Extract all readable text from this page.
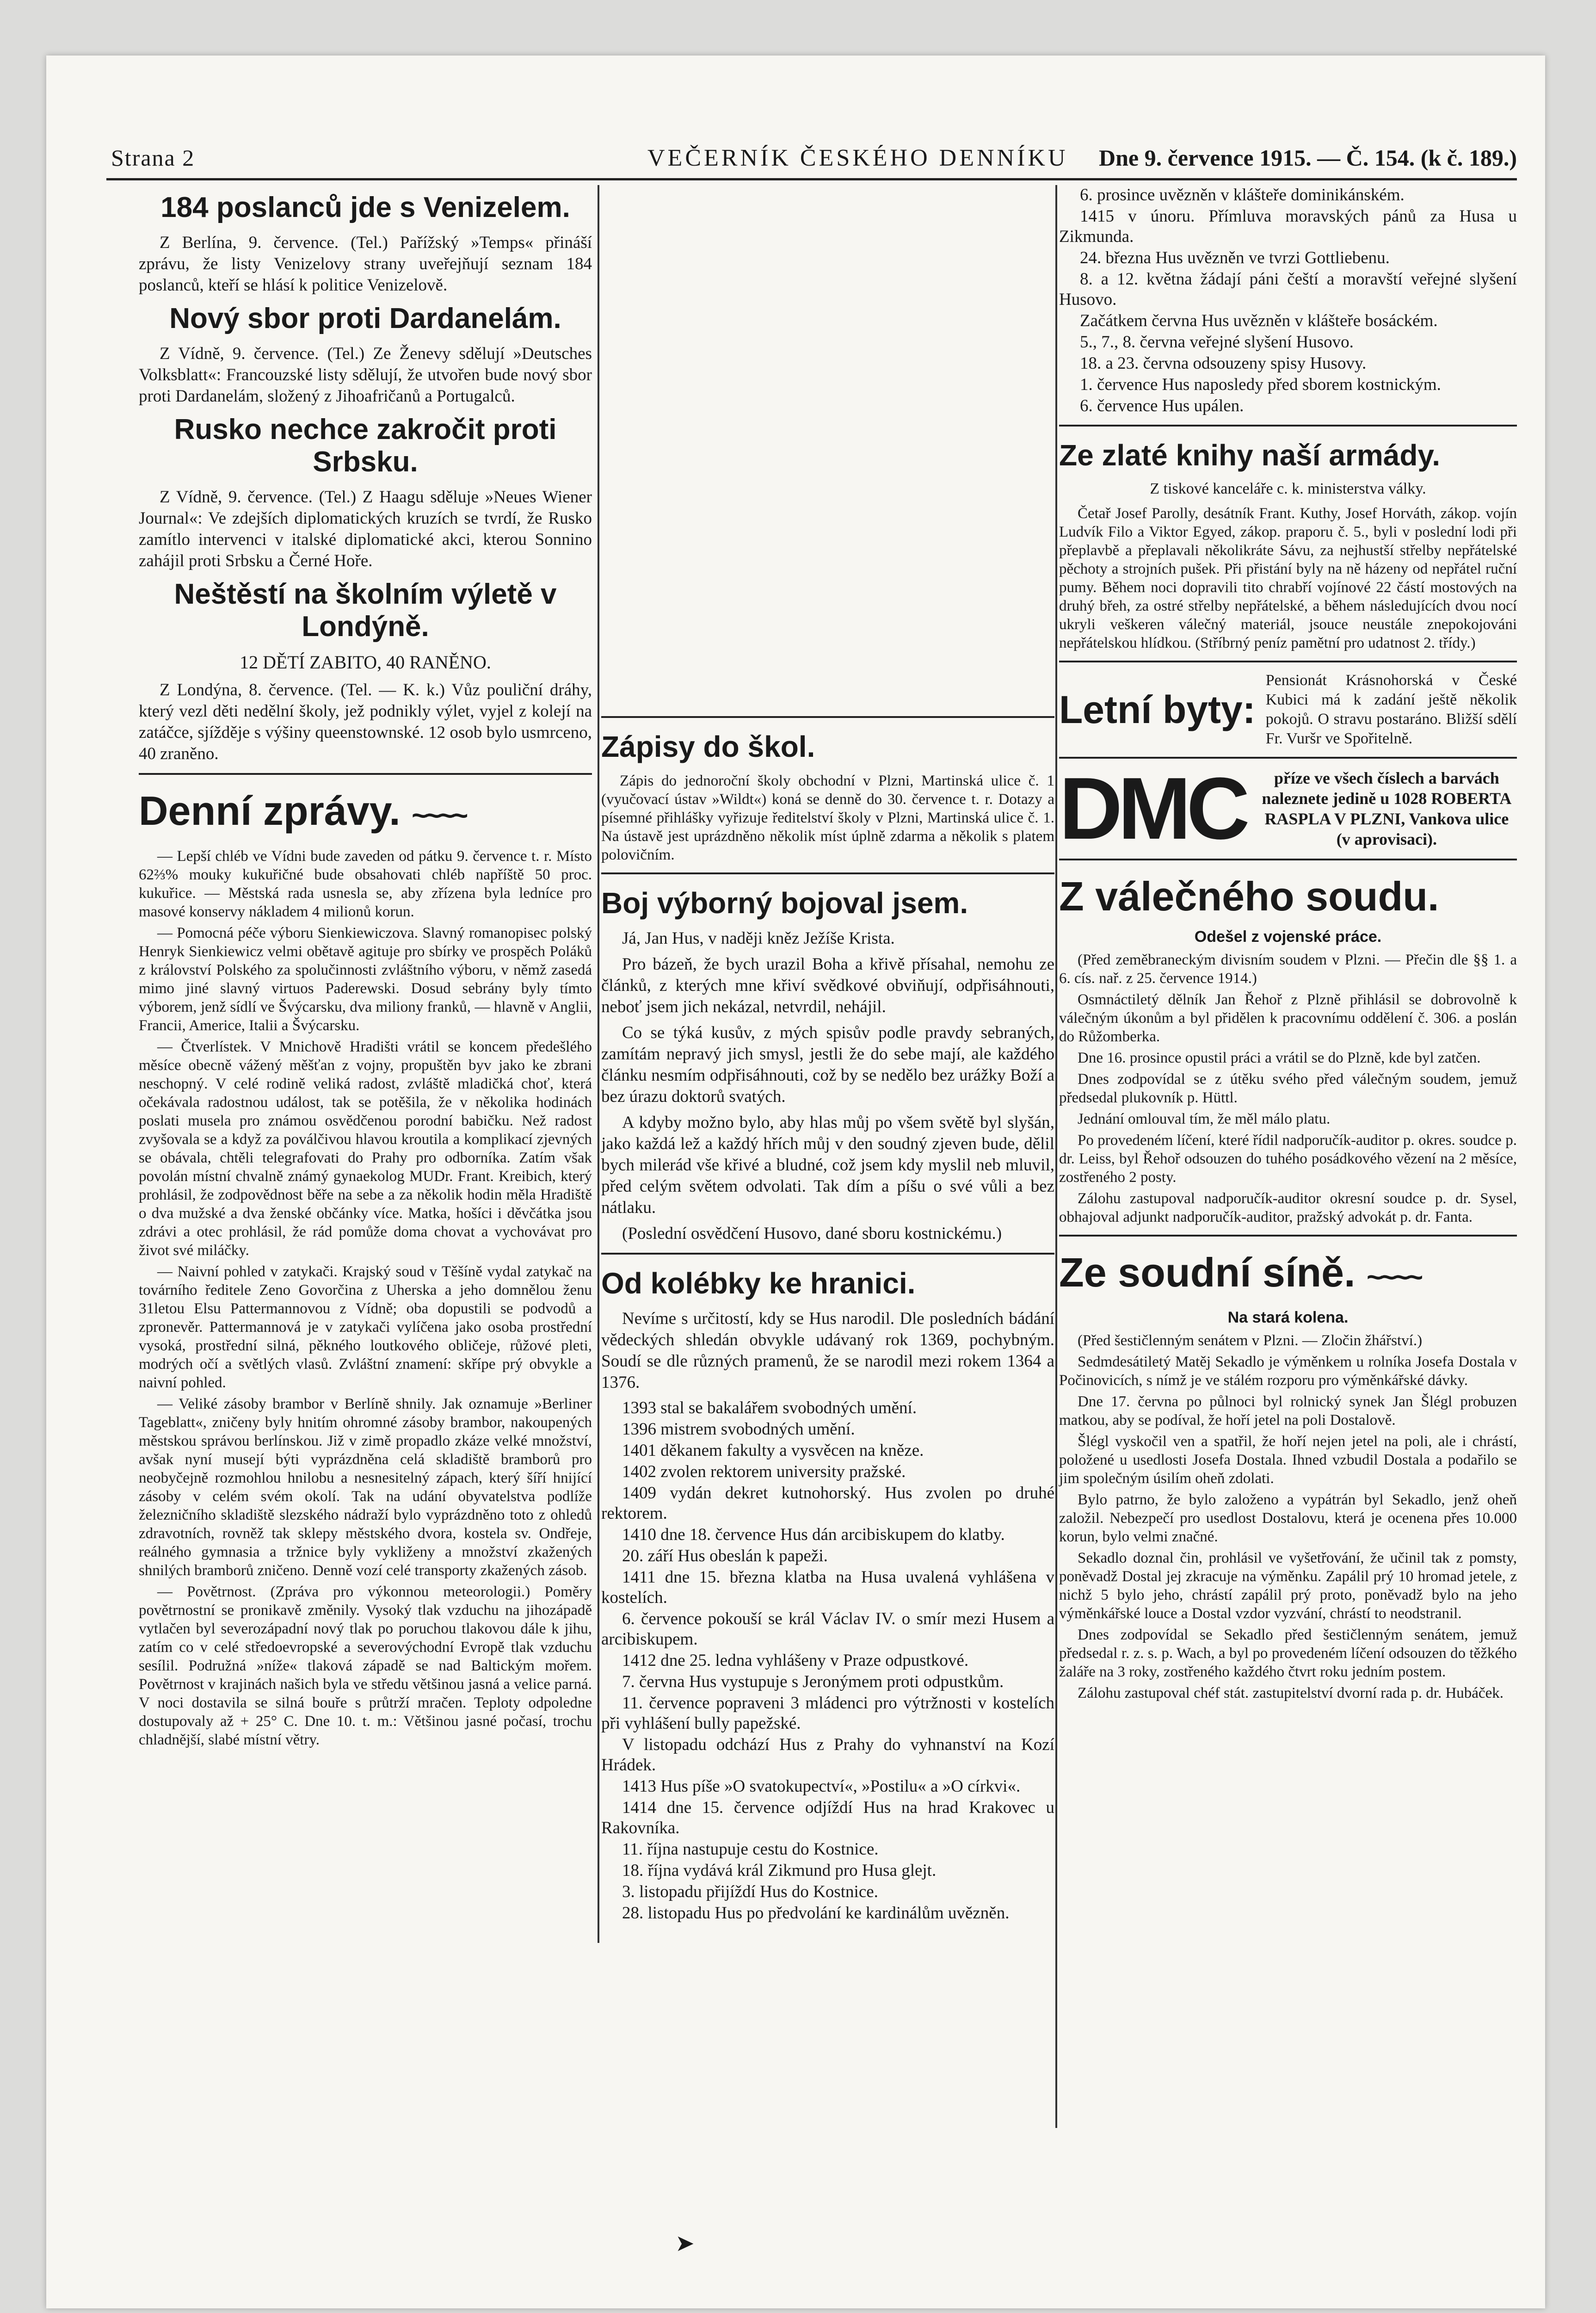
Strana 2	VEČERNÍK ČESKÉHO DENNÍKU Dne 9. července 1915. — Č. 154. (k č. 189.)
184 poslanců jde s Venizelem.

Z Berlína, 9. července. (Tel.) Pařížský »Temps« přináší zprávu, že listy Venizelovy strany uveřejňují seznam 184 poslanců, kteří se hlásí k politice Venizelově.

Nový sbor proti Dardanelám.

Z Vídně, 9. července. (Tel.) Ze Ženevy sdělují »Deutsches Volksblatt«: Francouzské listy sdělují, že utvořen bude nový sbor proti Dardanelám, složený z Jihoafričanů a Portugalců.

Rusko nechce zakročit proti Srbsku.

Z Vídně, 9. července. (Tel.) Z Haagu sděluje »Neues Wiener Journal«: Ve zdejších diplomatických kruzích se tvrdí, že Rusko zamítlo intervenci v italské diplomatické akci, kterou Sonnino zahájil proti Srbsku a Černé Hoře.

Neštěstí na školním výletě v Londýně.
12 DĚTÍ ZABITO, 40 RANĚNO.

Z Londýna, 8. července. (Tel. — K. k.) Vůz pouliční dráhy, který vezl děti nedělní školy, jež podnikly výlet, vyjel z kolejí na zatáčce, sjížděje s výšiny queenstownské. 12 osob bylo usmrceno, 40 zraněno.

Denní zprávy. ~~~~

— Lepší chléb ve Vídni bude zaveden od pátku 9. července t. r. Místo 62⅔% mouky kukuřičné bude obsahovati chléb napříště 50 proc. kukuřice. — Městská rada usnesla se, aby zřízena byla ledníce pro masové konservy nákladem 4 milionů korun.

— Pomocná péče výboru Sienkiewiczova. Slavný romanopisec polský Henryk Sienkiewicz velmi obětavě agituje pro sbírky ve prospěch Poláků z království Polského za spolučinnosti zvláštního výboru, v němž zasedá mimo jiné slavný virtuos Paderewski. Dosud sebrány byly tímto výborem, jenž sídlí ve Švýcarsku, dva miliony franků, — hlavně v Anglii, Francii, Americe, Italii a Švýcarsku.

— Čtverlístek. V Mnichově Hradišti vrátil se koncem předešlého měsíce obecně vážený měšťan z vojny, propuštěn byv jako ke zbrani neschopný. V celé rodině veliká radost, zvláště mladičká choť, která očekávala radostnou událost, tak se potěšila, že v několika hodinách poslati musela pro známou osvědčenou porodní babičku. Než radost zvyšovala se a když za poválčivou hlavou kroutila a komplikací zjevných se obávala, chtěli telegrafovati do Prahy pro odborníka. Zatím však povolán místní chvalně známý gynaekolog MUDr. Frant. Kreibich, který prohlásil, že zodpovědnost běře na sebe a za několik hodin měla Hradiště o dva mužské a dva ženské občánky více. Matka, hošíci i děvčátka jsou zdrávi a otec prohlásil, že rád pomůže doma chovat a vychovávat pro život své miláčky.

— Naivní pohled v zatykači. Krajský soud v Těšíně vydal zatykač na továrního ředitele Zeno Govorčina z Uherska a jeho domnělou ženu 31letou Elsu Pattermannovou z Vídně; oba dopustili se podvodů a zpronevěr. Pattermannová je v zatykači vylíčena jako osoba prostřední vysoká, prostřední silná, pěkného loutkového obličeje, růžové pleti, modrých očí a světlých vlasů. Zvláštní znamení: skřípe prý obvykle a naivní pohled.

— Veliké zásoby brambor v Berlíně shnily. Jak oznamuje »Berliner Tageblatt«, zničeny byly hnitím ohromné zásoby brambor, nakoupených městskou správou berlínskou. Již v zimě propadlo zkáze velké množství, avšak nyní musejí býti vyprázdněna celá skladiště bramborů pro neobyčejně rozmohlou hnilobu a nesnesitelný zápach, který šíří hnijící zásoby v celém svém okolí. Tak na udání obyvatelstva podlíže železničního skladiště slezského nádraží bylo vyprázdněno toto z ohledů zdravotních, rovněž tak sklepy městského dvora, kostela sv. Ondřeje, reálného gymnasia a tržnice byly vykliženy a množství zkažených shnilých bramborů zničeno. Denně vozí celé transporty zkažených zásob.

— Povětrnost. (Zpráva pro výkonnou meteorologii.) Poměry povětrnostní se pronikavě změnily. Vysoký tlak vzduchu na jihozápadě vytlačen byl severozápadní nový tlak po poruchou tlakovou dále k jihu, zatím co v celé středoevropské a severovýchodní Evropě tlak vzduchu sesílil. Podružná »níže« tlaková západě se nad Baltickým mořem. Povětrnost v krajinách našich byla ve středu většinou jasná a velice parná. V noci dostavila se silná bouře s průtrží mračen. Teploty odpoledne dostupovaly až + 25° C. Dne 10. t. m.: Většinou jasné počasí, trochu chladnější, slabé místní větry.

Zápisy do škol.

Zápis do jednoroční školy obchodní v Plzni, Martinská ulice č. 1 (vyučovací ústav »Wildt«) koná se denně do 30. července t. r. Dotazy a písemné přihlášky vyřizuje ředitelství školy v Plzni, Martinská ulice č. 1. Na ústavě jest uprázdněno několik míst úplně zdarma a několik s platem polovičním.

Boj výborný bojoval jsem.

Já, Jan Hus, v naději kněz Ježíše Krista.

Pro bázeň, že bych urazil Boha a křivě přísahal, nemohu ze článků, z kterých mne křiví svědkové obviňují, odpřisáhnouti, neboť jsem jich nekázal, netvrdil, nehájil.

Co se týká kusův, z mých spisův podle pravdy sebraných, zamítám nepravý jich smysl, jestli že do sebe mají, ale každého článku nesmím odpřisáhnouti, což by se nedělo bez urážky Boží a bez úrazu doktorů svatých.

A kdyby možno bylo, aby hlas můj po všem světě byl slyšán, jako každá lež a každý hřích můj v den soudný zjeven bude, dělil bych milerád vše křivé a bludné, což jsem kdy myslil neb mluvil, před celým světem odvolati. Tak dím a píšu o své vůli a bez nátlaku.

(Poslední osvědčení Husovo, dané sboru kostnickému.)

Od kolébky ke hranici.

Nevíme s určitostí, kdy se Hus narodil. Dle posledních bádání vědeckých shledán obvykle udávaný rok 1369, pochybným. Soudí se dle různých pramenů, že se narodil mezi rokem 1364 a 1376.

1393 stal se bakalářem svobodných umění.

1396 mistrem svobodných umění.

1401 děkanem fakulty a vysvěcen na kněze.

1402 zvolen rektorem university pražské.

1409 vydán dekret kutnohorský. Hus zvolen po druhé rektorem.

1410 dne 18. července Hus dán arcibiskupem do klatby.

20. září Hus obeslán k papeži.

1411 dne 15. března klatba na Husa uvalená vyhlášena v kostelích.

6. července pokouší se král Václav IV. o smír mezi Husem a arcibiskupem.

1412 dne 25. ledna vyhlášeny v Praze odpustkové.

7. června Hus vystupuje s Jeronýmem proti odpustkům.

11. července popraveni 3 mládenci pro výtržnosti v kostelích při vyhlášení bully papežské.

V listopadu odchází Hus z Prahy do vyhnanství na Kozí Hrádek.

1413 Hus píše »O svatokupectví«, »Postilu« a »O církvi«.

1414 dne 15. července odjíždí Hus na hrad Krakovec u Rakovníka.

11. října nastupuje cestu do Kostnice.

18. října vydává král Zikmund pro Husa glejt.

3. listopadu přijíždí Hus do Kostnice.

28. listopadu Hus po předvolání ke kardinálům uvězněn.

6. prosince uvězněn v klášteře dominikánském.

1415 v únoru. Přímluva moravských pánů za Husa u Zikmunda.

24. března Hus uvězněn ve tvrzi Gottliebenu.

8. a 12. května žádají páni čeští a moravští veřejné slyšení Husovo.

Začátkem června Hus uvězněn v klášteře bosáckém.

5., 7., 8. června veřejné slyšení Husovo.

18. a 23. června odsouzeny spisy Husovy.

1. července Hus naposledy před sborem kostnickým.

6. července Hus upálen.

Ze zlaté knihy naší armády.
Z tiskové kanceláře c. k. ministerstva války.

Četař Josef Parolly, desátník Frant. Kuthy, Josef Horváth, zákop. vojín Ludvík Filo a Viktor Egyed, zákop. praporu č. 5., byli v poslední lodi při přeplavbě a přeplavali několikráte Sávu, za nejhustší střelby nepřátelské pěchoty a strojních pušek. Při přistání byly na ně házeny od nepřátel ruční pumy. Během noci dopravili tito chrabří vojínové 22 částí mostových na druhý břeh, za ostré střelby nepřátelské, a během následujících dvou nocí ukryli veškeren válečný materiál, jsouce neustále znepokojováni nepřátelskou hlídkou. (Stříbrný peníz pamětní pro udatnost 2. třídy.)

Letní byty:
Pensionát Krásnohorská v České Kubici má k zadání ještě několik pokojů. O stravu postaráno. Bližší sdělí Fr. Vuršr ve Spořitelně.
DMC	příze ve všech číslech a barvách naleznete jedině u 1028 ROBERTA RASPLA V PLZNI, Vankova ulice (v aprovisaci).
Z válečného soudu.
Odešel z vojenské práce.

(Před zeměbraneckým divisním soudem v Plzni. — Přečin dle §§ 1. a 6. cís. nař. z 25. července 1914.)

Osmnáctiletý dělník Jan Řehoř z Plzně přihlásil se dobrovolně k válečným úkonům a byl přidělen k pracovnímu oddělení č. 306. a poslán do Růžomberka.

Dne 16. prosince opustil práci a vrátil se do Plzně, kde byl zatčen.

Dnes zodpovídal se z útěku svého před válečným soudem, jemuž předsedal plukovník p. Hüttl.

Jednání omlouval tím, že měl málo platu.

Po provedeném líčení, které řídil nadporučík-auditor p. okres. soudce p. dr. Leiss, byl Řehoř odsouzen do tuhého posádkového vězení na 2 měsíce, zostřeného 2 posty.

Zálohu zastupoval nadporučík-auditor okresní soudce p. dr. Sysel, obhajoval adjunkt nadporučík-auditor, pražský advokát p. dr. Fanta.

Ze soudní síně. ~~~~
Na stará kolena.

(Před šestičlenným senátem v Plzni. — Zločin žhářství.)

Sedmdesátiletý Matěj Sekadlo je výměnkem u rolníka Josefa Dostala v Počinovicích, s nímž je ve stálém rozporu pro výměnkářské dávky.

Dne 17. června po půlnoci byl rolnický synek Jan Šlégl probuzen matkou, aby se podíval, že hoří jetel na poli Dostalově.

Šlégl vyskočil ven a spatřil, že hoří nejen jetel na poli, ale i chrástí, položené u usedlosti Josefa Dostala. Ihned vzbudil Dostala a podařilo se jim společným úsilím oheň zdolati.

Bylo patrno, že bylo založeno a vypátrán byl Sekadlo, jenž oheň založil. Nebezpečí pro usedlost Dostalovu, která je ocenena přes 10.000 korun, bylo velmi značné.

Sekadlo doznal čin, prohlásil ve vyšetřování, že učinil tak z pomsty, poněvadž Dostal jej zkracuje na výměnku. Zapálil prý 10 hromad jetele, z nichž 5 bylo jeho, chrástí zapálil prý proto, poněvadž bylo na jeho výměnkářské louce a Dostal vzdor vyzvání, chrástí to neodstranil.

Dnes zodpovídal se Sekadlo před šestičlenným senátem, jemuž předsedal r. z. s. p. Wach, a byl po provedeném líčení odsouzen do těžkého žaláře na 3 roky, zostřeného každého čtvrt roku jedním postem.

Zálohu zastupoval chéf stát. zastupitelství dvorní rada p. dr. Hubáček.

➤
